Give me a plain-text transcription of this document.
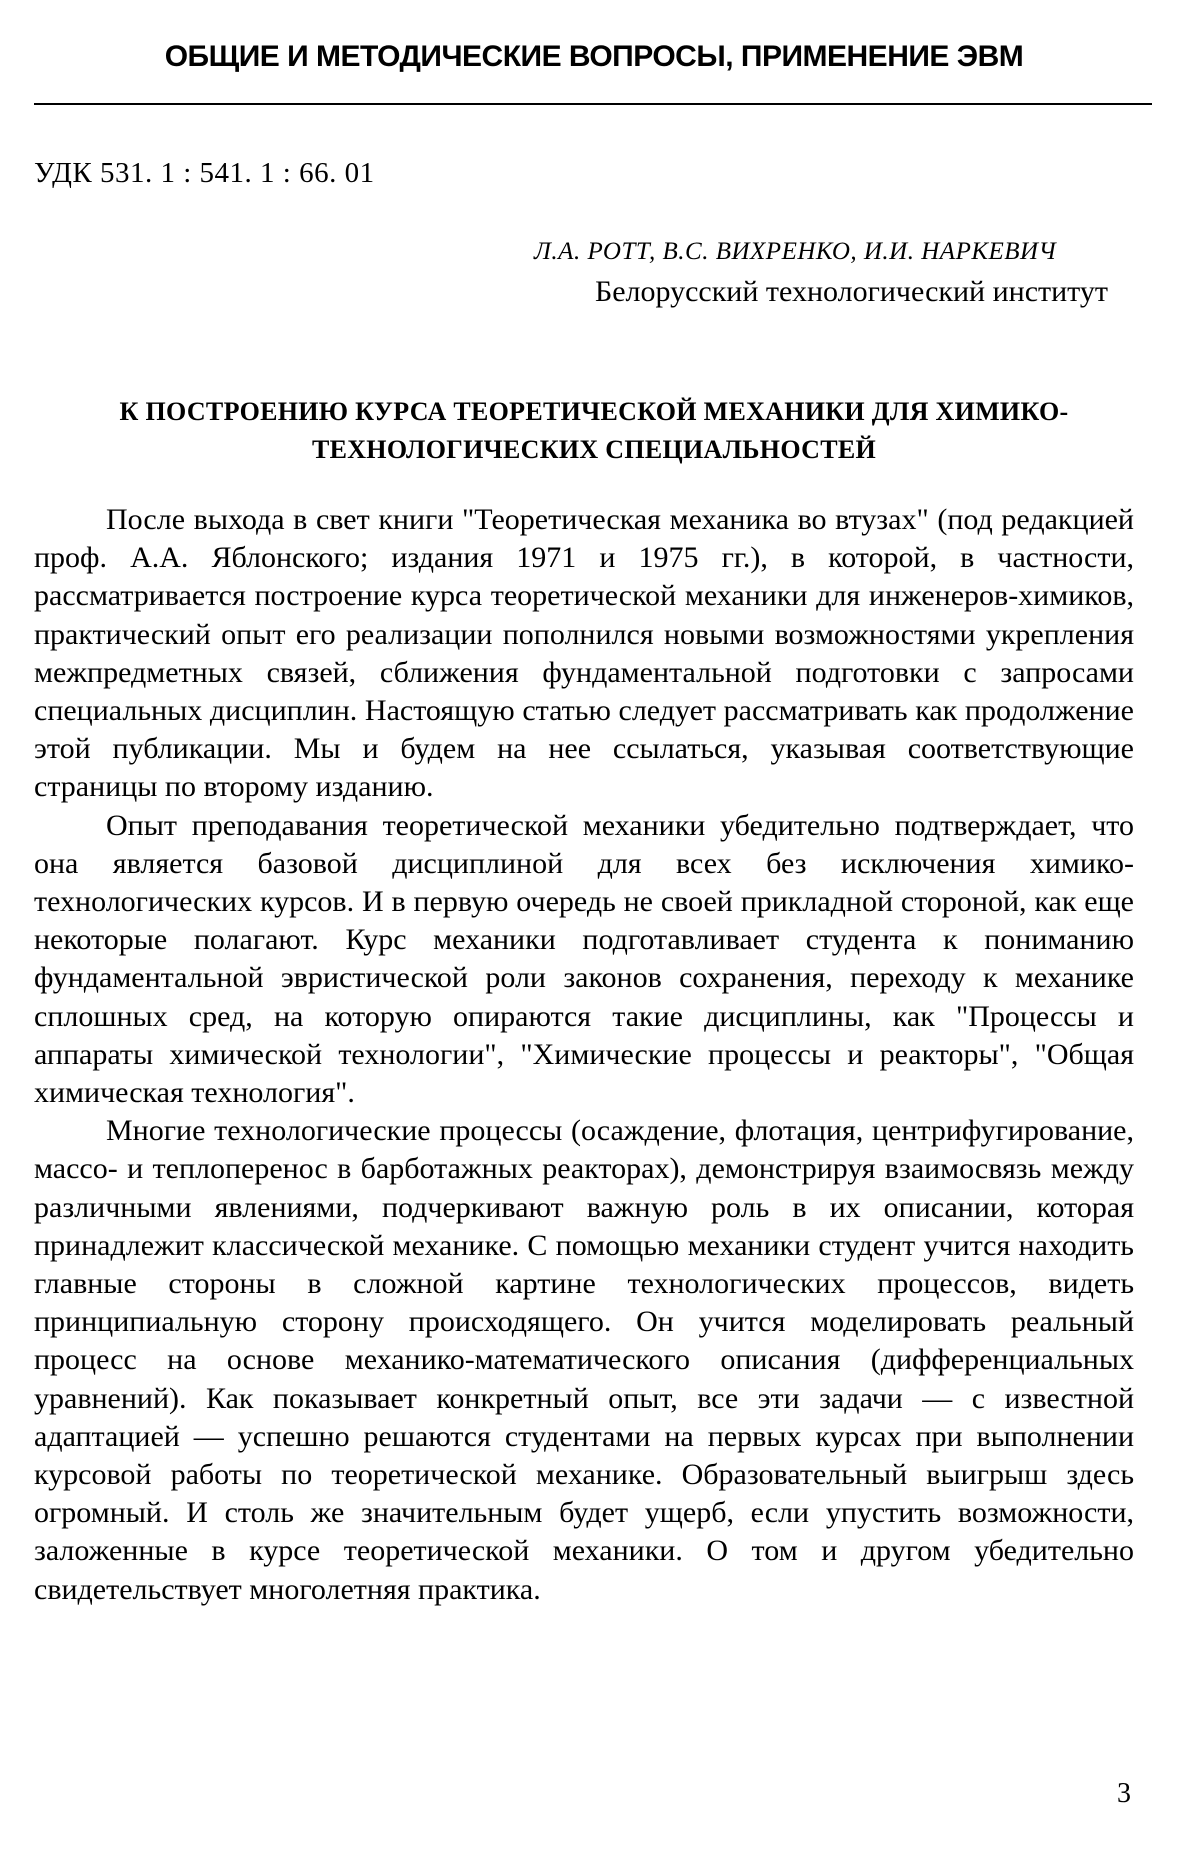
ОБЩИЕ И МЕТОДИЧЕСКИЕ ВОПРОСЫ, ПРИМЕНЕНИЕ ЭВМ
УДК 531. 1 : 541. 1 : 66. 01
Л.А. РОТТ, В.С. ВИХРЕНКО, И.И. НАРКЕВИЧ
Белорусский технологический институт
К ПОСТРОЕНИЮ КУРСА ТЕОРЕТИЧЕСКОЙ МЕХАНИКИ ДЛЯ ХИМИКО-ТЕХНОЛОГИЧЕСКИХ СПЕЦИАЛЬНОСТЕЙ

После выхода в свет книги "Теоретическая механика во втузах" (под редакцией проф. А.А. Яблонского; издания 1971 и 1975 гг.), в которой, в частности, рассматривается построение курса теоретической механики для инженеров-химиков, практический опыт его реализации пополнился новыми возможностями укрепления межпредметных связей, сближения фундаментальной подготовки с запросами специальных дисциплин. Настоящую статью следует рассматривать как продолжение этой публикации. Мы и будем на нее ссылаться, указывая соответствующие страницы по второму изданию.

Опыт преподавания теоретической механики убедительно подтверждает, что она является базовой дисциплиной для всех без исключения химико-технологических курсов. И в первую очередь не своей прикладной стороной, как еще некоторые полагают. Курс механики подготавливает студента к пониманию фундаментальной эвристической роли законов сохранения, переходу к механике сплошных сред, на которую опираются такие дисциплины, как "Процессы и аппараты химической технологии", "Химические процессы и реакторы", "Общая химическая технология".

Многие технологические процессы (осаждение, флотация, центрифугирование, массо- и теплоперенос в барботажных реакторах), демонстрируя взаимосвязь между различными явлениями, подчеркивают важную роль в их описании, которая принадлежит классической механике. С помощью механики студент учится находить главные стороны в сложной картине технологических процессов, видеть принципиальную сторону происходящего. Он учится моделировать реальный процесс на основе механико-математического описания (дифференциальных уравнений). Как показывает конкретный опыт, все эти задачи — с известной адаптацией — успешно решаются студентами на первых курсах при выполнении курсовой работы по теоретической механике. Образовательный выигрыш здесь огромный. И столь же значительным будет ущерб, если упустить возможности, заложенные в курсе теоретической механики. О том и другом убедительно свидетельствует многолетняя практика.

3
